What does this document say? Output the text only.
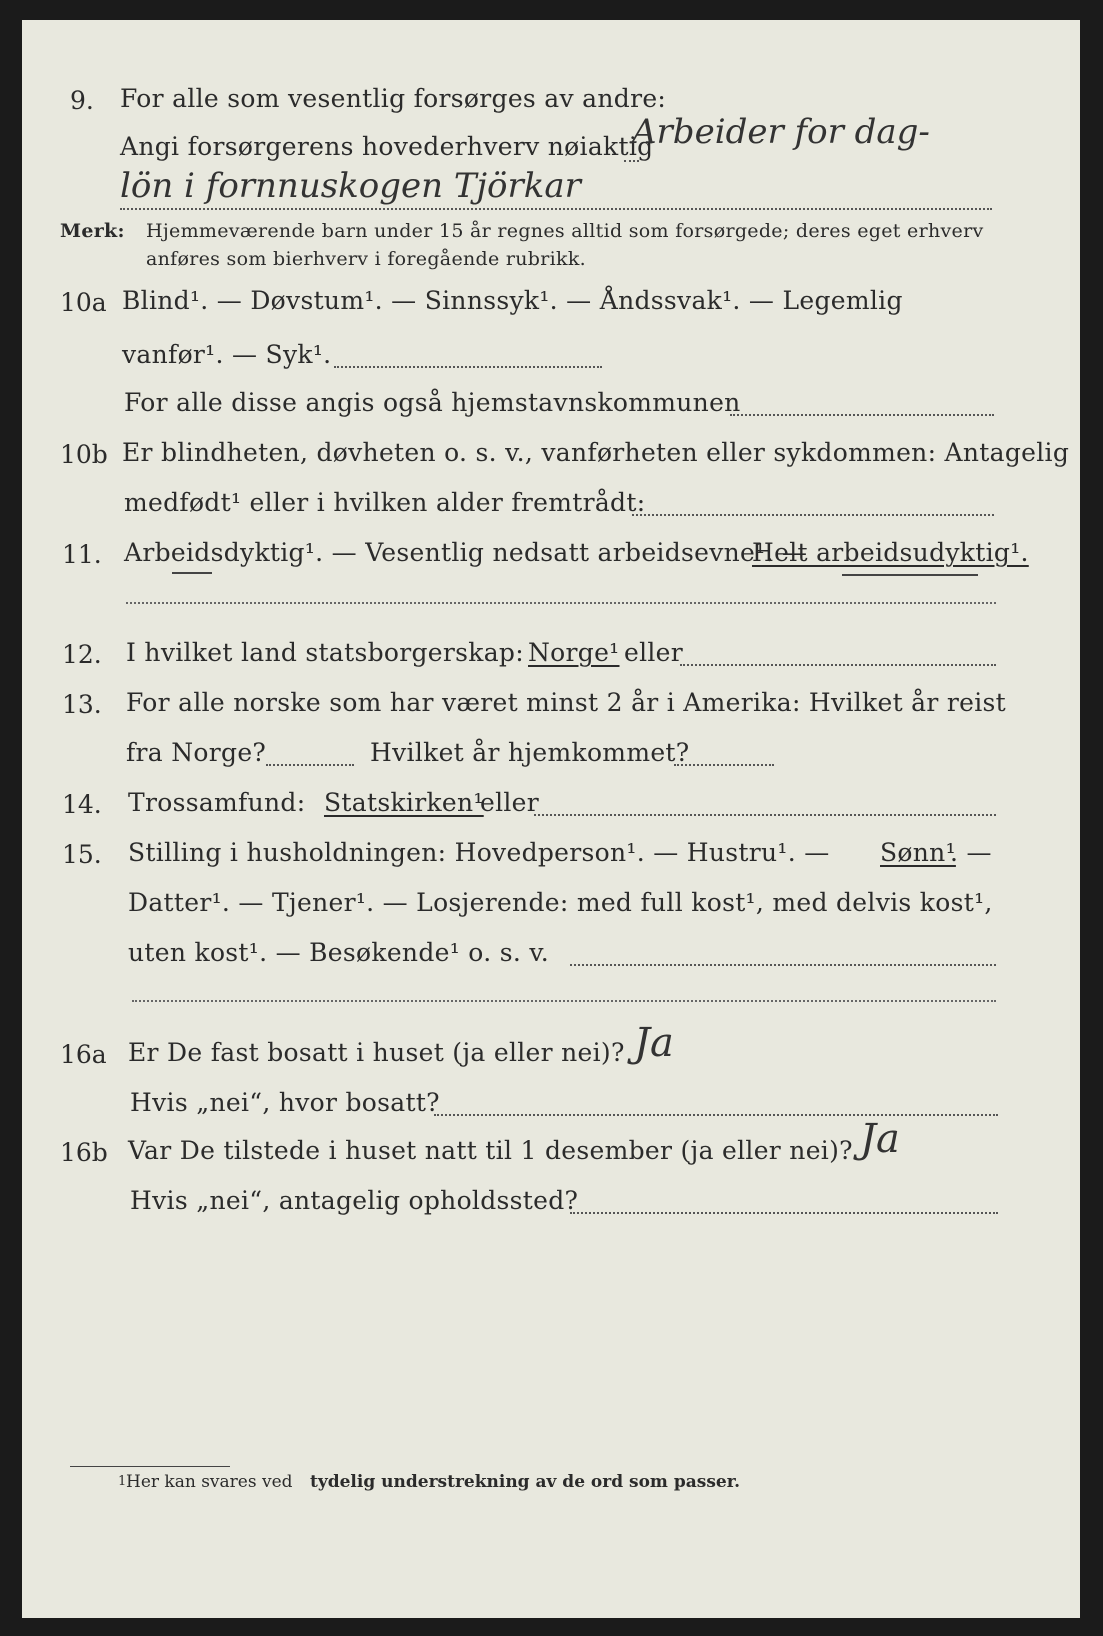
9. For alle som vesentlig forsørges av andre:
Angi forsørgerens hovederhverv nøiaktig
Arbeider for dag-
lön i fornnuskogen Tjörkar
Merk: Hjemmeværende barn under 15 år regnes alltid som forsørgede; deres eget erhverv
anføres som bierhverv i foregående rubrikk.
10a Blind¹. — Døvstum¹. — Sinnssyk¹. — Åndssvak¹. — Legemlig
vanfør¹. — Syk¹.
For alle disse angis også hjemstavnskommunen
10b Er blindheten, døvheten o. s. v., vanførheten eller sykdommen: Antagelig
medfødt¹ eller i hvilken alder fremtrådt:
11. Arbeidsdyktig¹. — Vesentlig nedsatt arbeidsevne¹. —
Helt arbeidsudyktig¹.
12. I hvilket land statsborgerskap: Norge¹ eller
13. For alle norske som har været minst 2 år i Amerika: Hvilket år reist
fra Norge?	Hvilket år hjemkommet?
14. Trossamfund: Statskirken¹
eller
15. Stilling i husholdningen: Hovedperson¹. — Hustru¹. — Sønn¹
. —
Datter¹. — Tjener¹. — Losjerende: med full kost¹, med delvis kost¹,
uten kost¹. — Besøkende¹ o. s. v.
16a Er De fast bosatt i huset (ja eller nei)? Ja
Hvis „nei“, hvor bosatt?
16b Var De tilstede i huset natt til 1 desember (ja eller nei)? Ja
Hvis „nei“, antagelig opholdssted?
1 Her kan svares ved tydelig understrekning av de ord som passer.
